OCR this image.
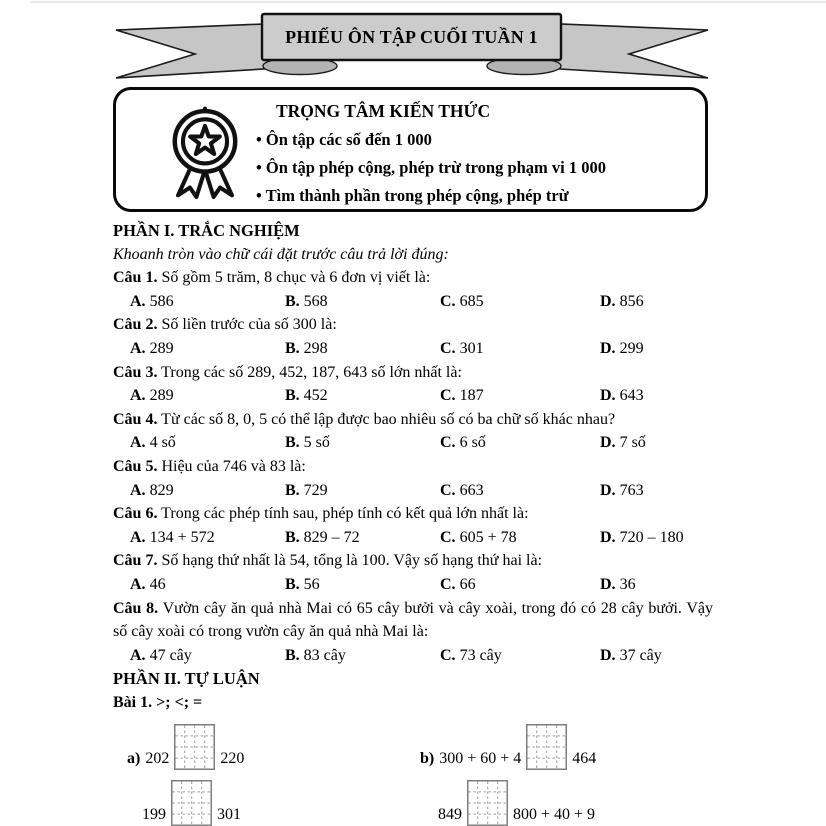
PHIẾU ÔN TẬP CUỐI TUẦN 1
TRỌNG TÂM KIẾN THỨC
• Ôn tập các số đến 1 000
• Ôn tập phép cộng, phép trừ trong phạm vi 1 000
• Tìm thành phần trong phép cộng, phép trừ

PHẦN I. TRẮC NGHIỆM

Khoanh tròn vào chữ cái đặt trước câu trả lời đúng:

Câu 1. Số gồm 5 trăm, 8 chục và 6 đơn vị viết là:

A. 586	B. 568	C. 685	D. 856

Câu 2. Số liền trước của số 300 là:

A. 289	B. 298	C. 301	D. 299

Câu 3. Trong các số 289, 452, 187, 643 số lớn nhất là:

A. 289	B. 452	C. 187	D. 643

Câu 4. Từ các số 8, 0, 5 có thể lập được bao nhiêu số có ba chữ số khác nhau?

A. 4 số	B. 5 số	C. 6 số	D. 7 số

Câu 5. Hiệu của 746 và 83 là:

A. 829	B. 729	C. 663	D. 763

Câu 6. Trong các phép tính sau, phép tính có kết quả lớn nhất là:

A. 134 + 572	B. 829 – 72	C. 605 + 78	D. 720 – 180

Câu 7. Số hạng thứ nhất là 54, tổng là 100. Vậy số hạng thứ hai là:

A. 46	B. 56	C. 66	D. 36

Câu 8. Vườn cây ăn quả nhà Mai có 65 cây bưởi và cây xoài, trong đó có 28 cây bưởi. Vậy số cây xoài có trong vườn cây ăn quả nhà Mai là:

A. 47 cây	B. 83 cây	C. 73 cây	D. 37 cây

PHẦN II. TỰ LUẬN

Bài 1. >; <; =

a) 202	220	b) 300 + 60 + 4	464
199	301	849	800 + 40 + 9
